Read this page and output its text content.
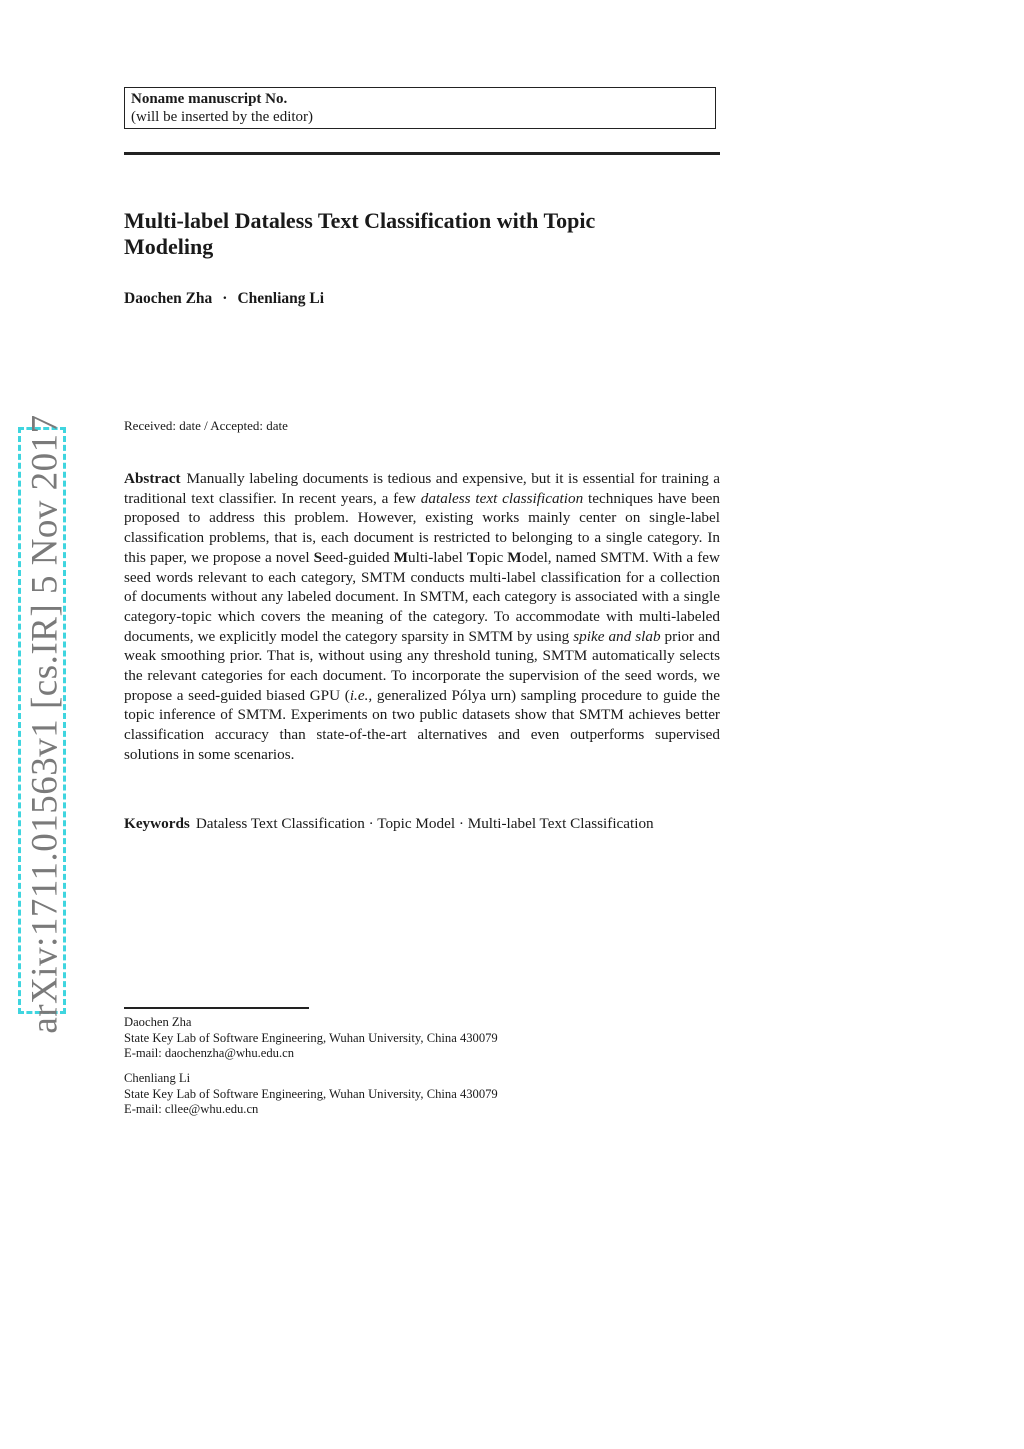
arXiv:1711.01563v1 [cs.IR] 5 Nov 2017
Noname manuscript No.
(will be inserted by the editor)
Multi-label Dataless Text Classification with Topic
Modeling
Daochen Zha · Chenliang Li
Received: date / Accepted: date
Abstract Manually labeling documents is tedious and expensive, but it is essential for training a traditional text classifier. In recent years, a few dataless text classification techniques have been proposed to address this problem. However, existing works mainly center on single-label classification problems, that is, each document is restricted to belonging to a single category. In this paper, we propose a novel Seed-guided Multi-label Topic Model, named SMTM. With a few seed words relevant to each category, SMTM conducts multi-label classification for a collection of documents without any labeled document. In SMTM, each category is associated with a single category-topic which covers the meaning of the category. To accommodate with multi-labeled documents, we explicitly model the category sparsity in SMTM by using spike and slab prior and weak smoothing prior. That is, without using any threshold tuning, SMTM automatically selects the relevant categories for each document. To incorporate the supervision of the seed words, we propose a seed-guided biased GPU (i.e., generalized Pólya urn) sampling procedure to guide the topic inference of SMTM. Experiments on two public datasets show that SMTM achieves better classification accuracy than state-of-the-art alternatives and even outperforms supervised solutions in some scenarios.
Keywords Dataless Text Classification · Topic Model · Multi-label Text Classification
Daochen Zha
State Key Lab of Software Engineering, Wuhan University, China 430079
E-mail: daochenzha@whu.edu.cn
Chenliang Li
State Key Lab of Software Engineering, Wuhan University, China 430079
E-mail: cllee@whu.edu.cn
